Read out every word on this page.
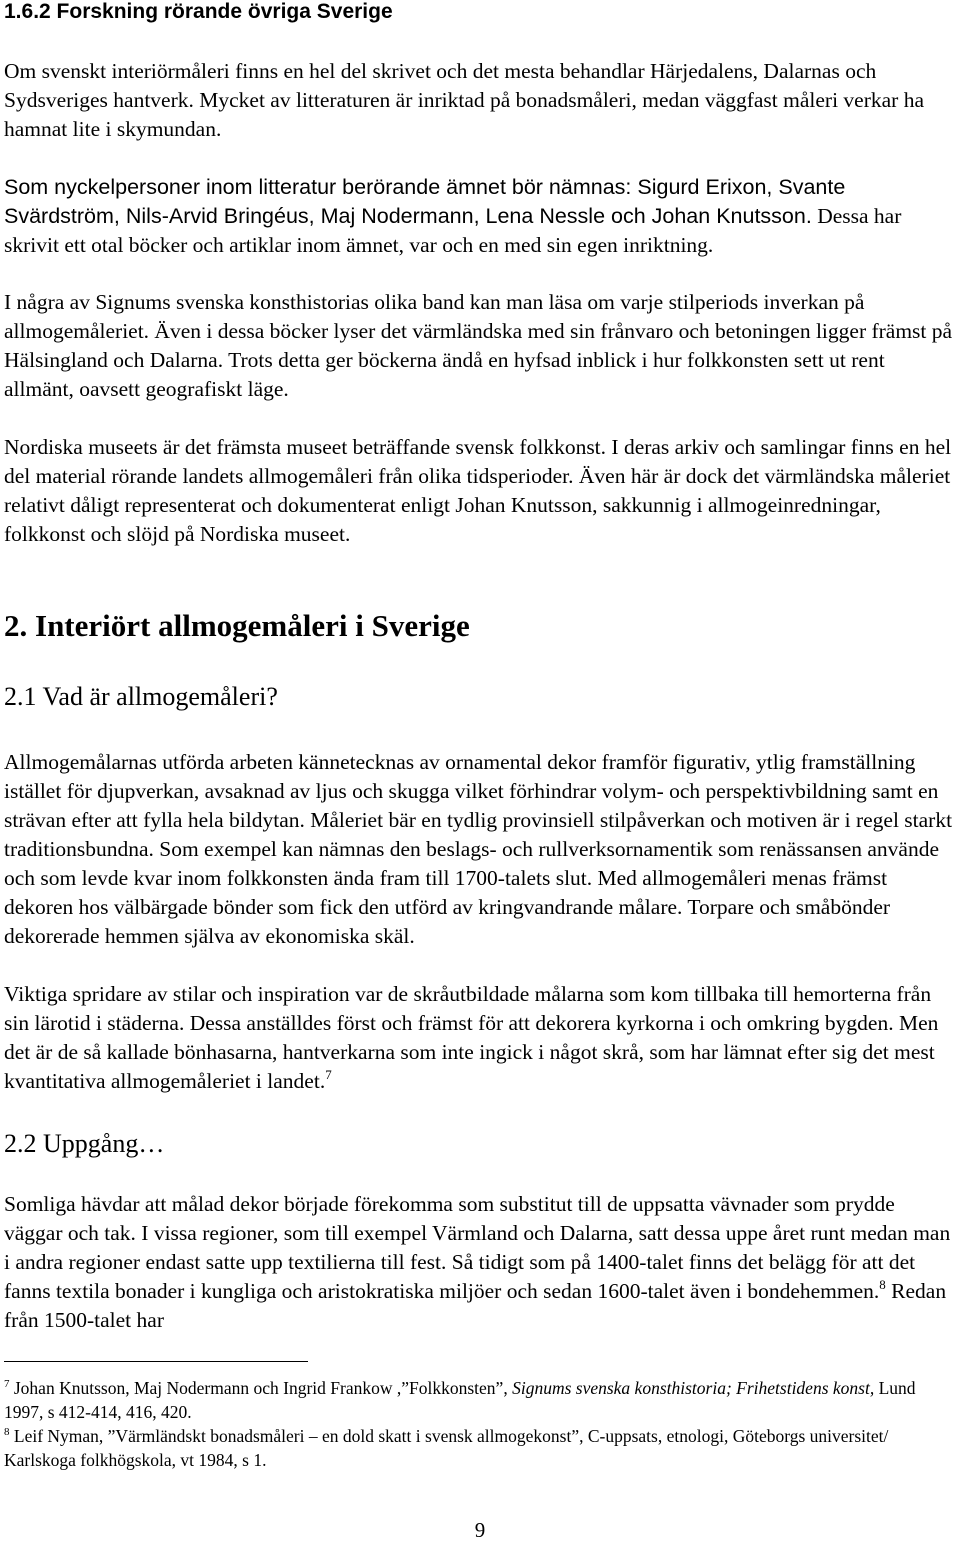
1.6.2 Forskning rörande övriga Sverige

Om svenskt interiörmåleri finns en hel del skrivet och det mesta behandlar Härjedalens, Dalarnas och Sydsveriges hantverk. Mycket av litteraturen är inriktad på bonadsmåleri, medan väggfast måleri verkar ha hamnat lite i skymundan.

Som nyckelpersoner inom litteratur berörande ämnet bör nämnas: Sigurd Erixon, Svante Svärdström, Nils-Arvid Bringéus, Maj Nodermann, Lena Nessle och Johan Knutsson. Dessa har skrivit ett otal böcker och artiklar inom ämnet, var och en med sin egen inriktning.

I några av Signums svenska konsthistorias olika band kan man läsa om varje stilperiods inverkan på allmogemåleriet. Även i dessa böcker lyser det värmländska med sin frånvaro och betoningen ligger främst på Hälsingland och Dalarna. Trots detta ger böckerna ändå en hyfsad inblick i hur folkkonsten sett ut rent allmänt, oavsett geografiskt läge.

Nordiska museets är det främsta museet beträffande svensk folkkonst. I deras arkiv och samlingar finns en hel del material rörande landets allmogemåleri från olika tidsperioder. Även här är dock det värmländska måleriet relativt dåligt representerat och dokumenterat enligt Johan Knutsson, sakkunnig i allmogeinredningar, folkkonst och slöjd på Nordiska museet.

2. Interiört allmogemåleri i Sverige
2.1 Vad är allmogemåleri?

Allmogemålarnas utförda arbeten kännetecknas av ornamental dekor framför figurativ, ytlig framställning istället för djupverkan, avsaknad av ljus och skugga vilket förhindrar volym- och perspektivbildning samt en strävan efter att fylla hela bildytan. Måleriet bär en tydlig provinsiell stilpåverkan och motiven är i regel starkt traditionsbundna. Som exempel kan nämnas den beslags- och rullverksornamentik som renässansen använde och som levde kvar inom folkkonsten ända fram till 1700-talets slut. Med allmogemåleri menas främst dekoren hos välbärgade bönder som fick den utförd av kringvandrande målare. Torpare och småbönder dekorerade hemmen själva av ekonomiska skäl.

Viktiga spridare av stilar och inspiration var de skråutbildade målarna som kom tillbaka till hemorterna från sin lärotid i städerna. Dessa anställdes först och främst för att dekorera kyrkorna i och omkring bygden. Men det är de så kallade bönhasarna, hantverkarna som inte ingick i något skrå, som har lämnat efter sig det mest kvantitativa allmogemåleriet i landet.$^7$

2.2 Uppgång…

Somliga hävdar att målad dekor började förekomma som substitut till de uppsatta vävnader som prydde väggar och tak. I vissa regioner, som till exempel Värmland och Dalarna, satt dessa uppe året runt medan man i andra regioner endast satte upp textilierna till fest. Så tidigt som på 1400-talet finns det belägg för att det fanns textila bonader i kungliga och aristokratiska miljöer och sedan 1600-talet även i bondehemmen.$^8$ Redan från 1500-talet har

$^7$ Johan Knutsson, Maj Nodermann och Ingrid Frankow ,”Folkkonsten”, Signums svenska konsthistoria; Frihetstidens konst, Lund 1997, s 412-414, 416, 420.
$^8$ Leif Nyman, ”Värmländskt bonadsmåleri – en dold skatt i svensk allmogekonst”, C-uppsats, etnologi, Göteborgs universitet/ Karlskoga folkhögskola, vt 1984, s 1.
9
